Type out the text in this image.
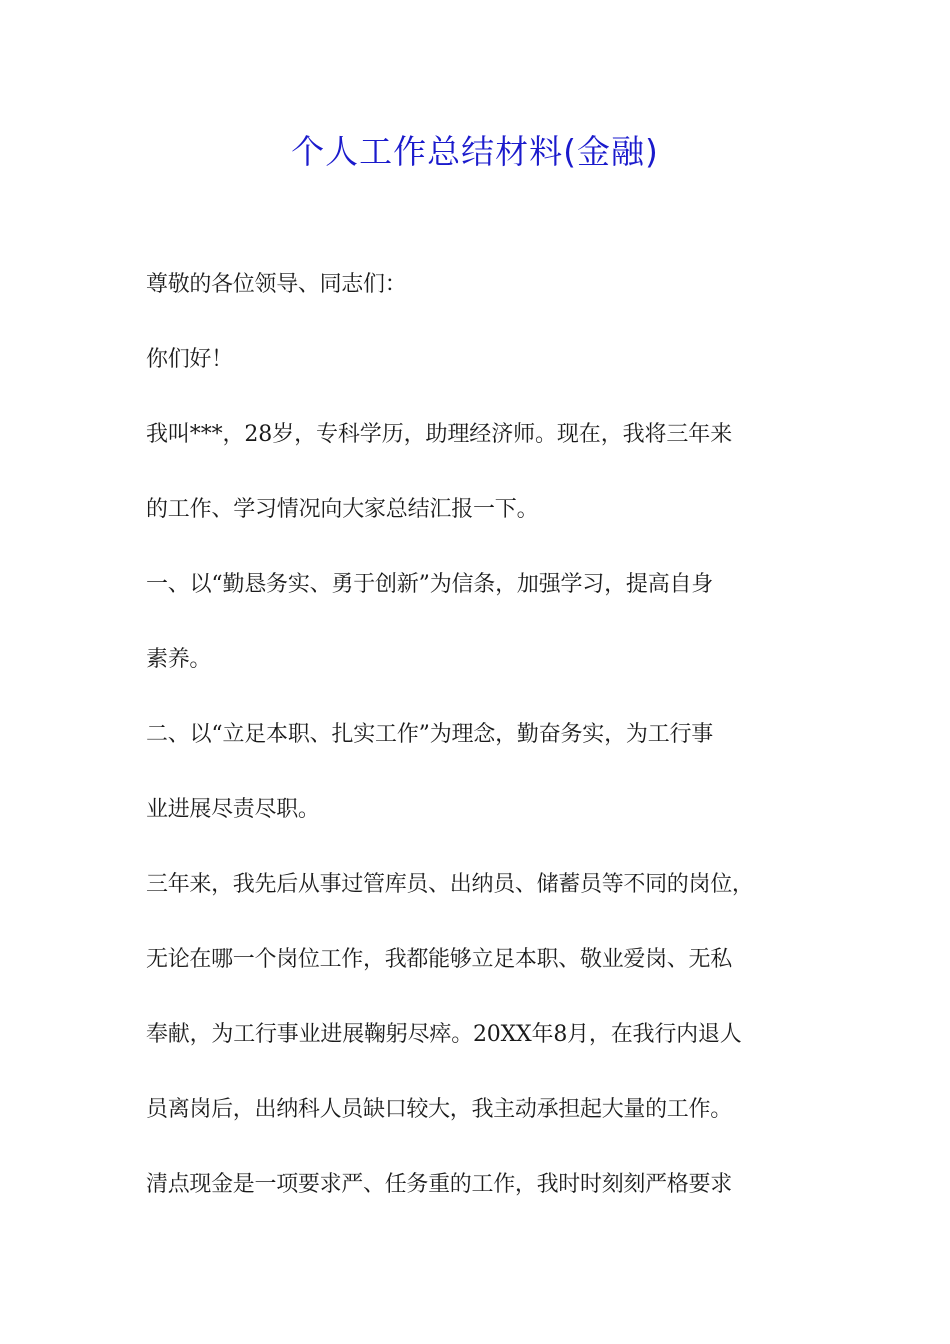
个人工作总结材料(金融)

尊敬的各位领导、同志们：

你们好！

我叫***，28岁，专科学历，助理经济师。现在，我将三年来

的工作、学习情况向大家总结汇报一下。

一、以“勤恳务实、勇于创新”为信条，加强学习，提高自身

素养。

二、以“立足本职、扎实工作”为理念，勤奋务实，为工行事

业进展尽责尽职。

三年来，我先后从事过管库员、出纳员、储蓄员等不同的岗位，

无论在哪一个岗位工作，我都能够立足本职、敬业爱岗、无私

奉献，为工行事业进展鞠躬尽瘁。20XX年8月，在我行内退人

员离岗后，出纳科人员缺口较大，我主动承担起大量的工作。

清点现金是一项要求严、任务重的工作，我时时刻刻严格要求
